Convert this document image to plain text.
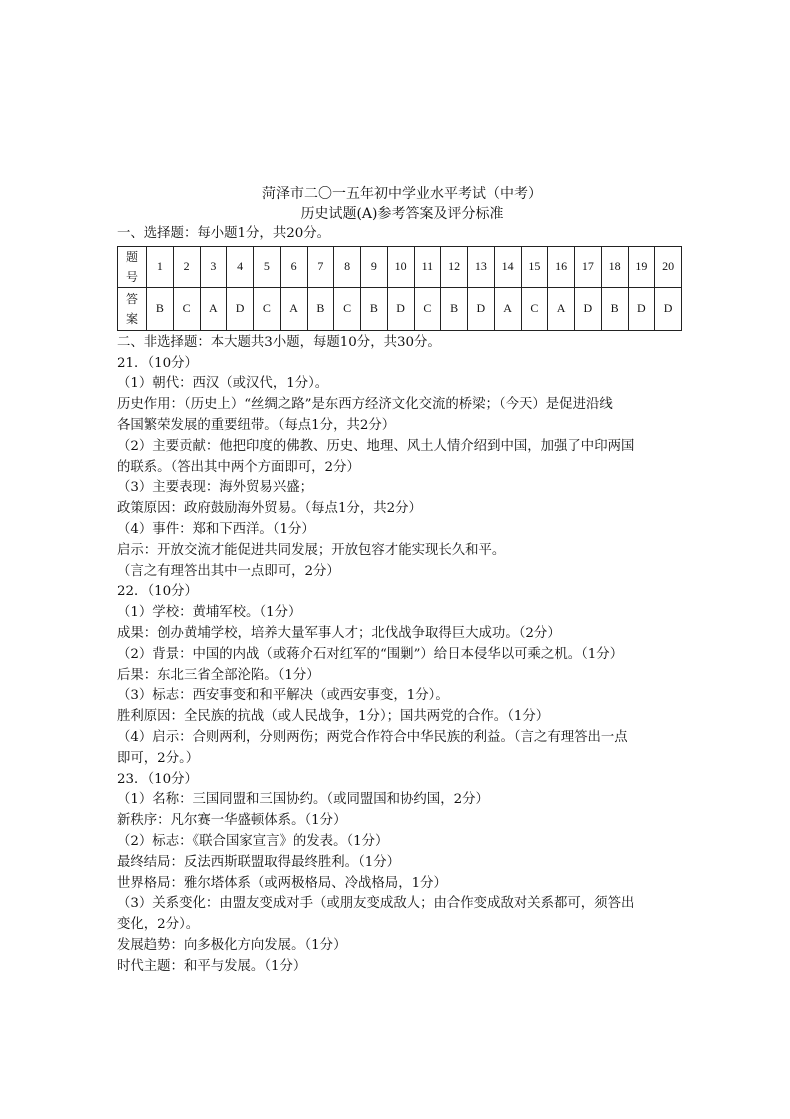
菏泽市二〇一五年初中学业水平考试（中考）

历史试题(A)参考答案及评分标准

一、选择题：每小题1分，共20分。

题
号	1	2	3	4	5	6	7	8	9	10	11	12	13	14	15	16	17	18	19	20

答
案	B	C	A	D	C	A	B	C	B	D	C	B	D	A	C	A	D	B	D	D

二、非选择题：本大题共3小题，每题10分，共30分。

21．（10分）

（1）朝代：西汉（或汉代，1分）。

历史作用：（历史上）“丝绸之路”是东西方经济文化交流的桥梁；（今天）是促进沿线

各国繁荣发展的重要纽带。（每点1分，共2分）

（2）主要贡献：他把印度的佛教、历史、地理、风土人情介绍到中国，加强了中印两国

的联系。（答出其中两个方面即可，2分）

（3）主要表现：海外贸易兴盛；

政策原因：政府鼓励海外贸易。（每点1分，共2分）

（4）事件：郑和下西洋。（1分）

启示：开放交流才能促进共同发展；开放包容才能实现长久和平。

（言之有理答出其中一点即可，2分）

22．（10分）

（1）学校：黄埔军校。（1分）

成果：创办黄埔学校，培养大量军事人才；北伐战争取得巨大成功。（2分）

（2）背景：中国的内战（或蒋介石对红军的“围剿”）给日本侵华以可乘之机。（1分）

后果：东北三省全部沦陷。（1分）

（3）标志：西安事变和和平解决（或西安事变，1分）。

胜利原因：全民族的抗战（或人民战争，1分）；国共两党的合作。（1分）

（4）启示：合则两利，分则两伤；两党合作符合中华民族的利益。（言之有理答出一点

即可，2分。）

23．（10分）

（1）名称：三国同盟和三国协约。（或同盟国和协约国，2分）

新秩序：凡尔赛一华盛顿体系。（1分）

（2）标志：《联合国家宣言》的发表。（1分）

最终结局：反法西斯联盟取得最终胜利。（1分）

世界格局：雅尔塔体系（或两极格局、冷战格局，1分）

（3）关系变化：由盟友变成对手（或朋友变成敌人；由合作变成敌对关系都可，须答出

变化，2分）。

发展趋势：向多极化方向发展。（1分）

时代主题：和平与发展。（1分）
